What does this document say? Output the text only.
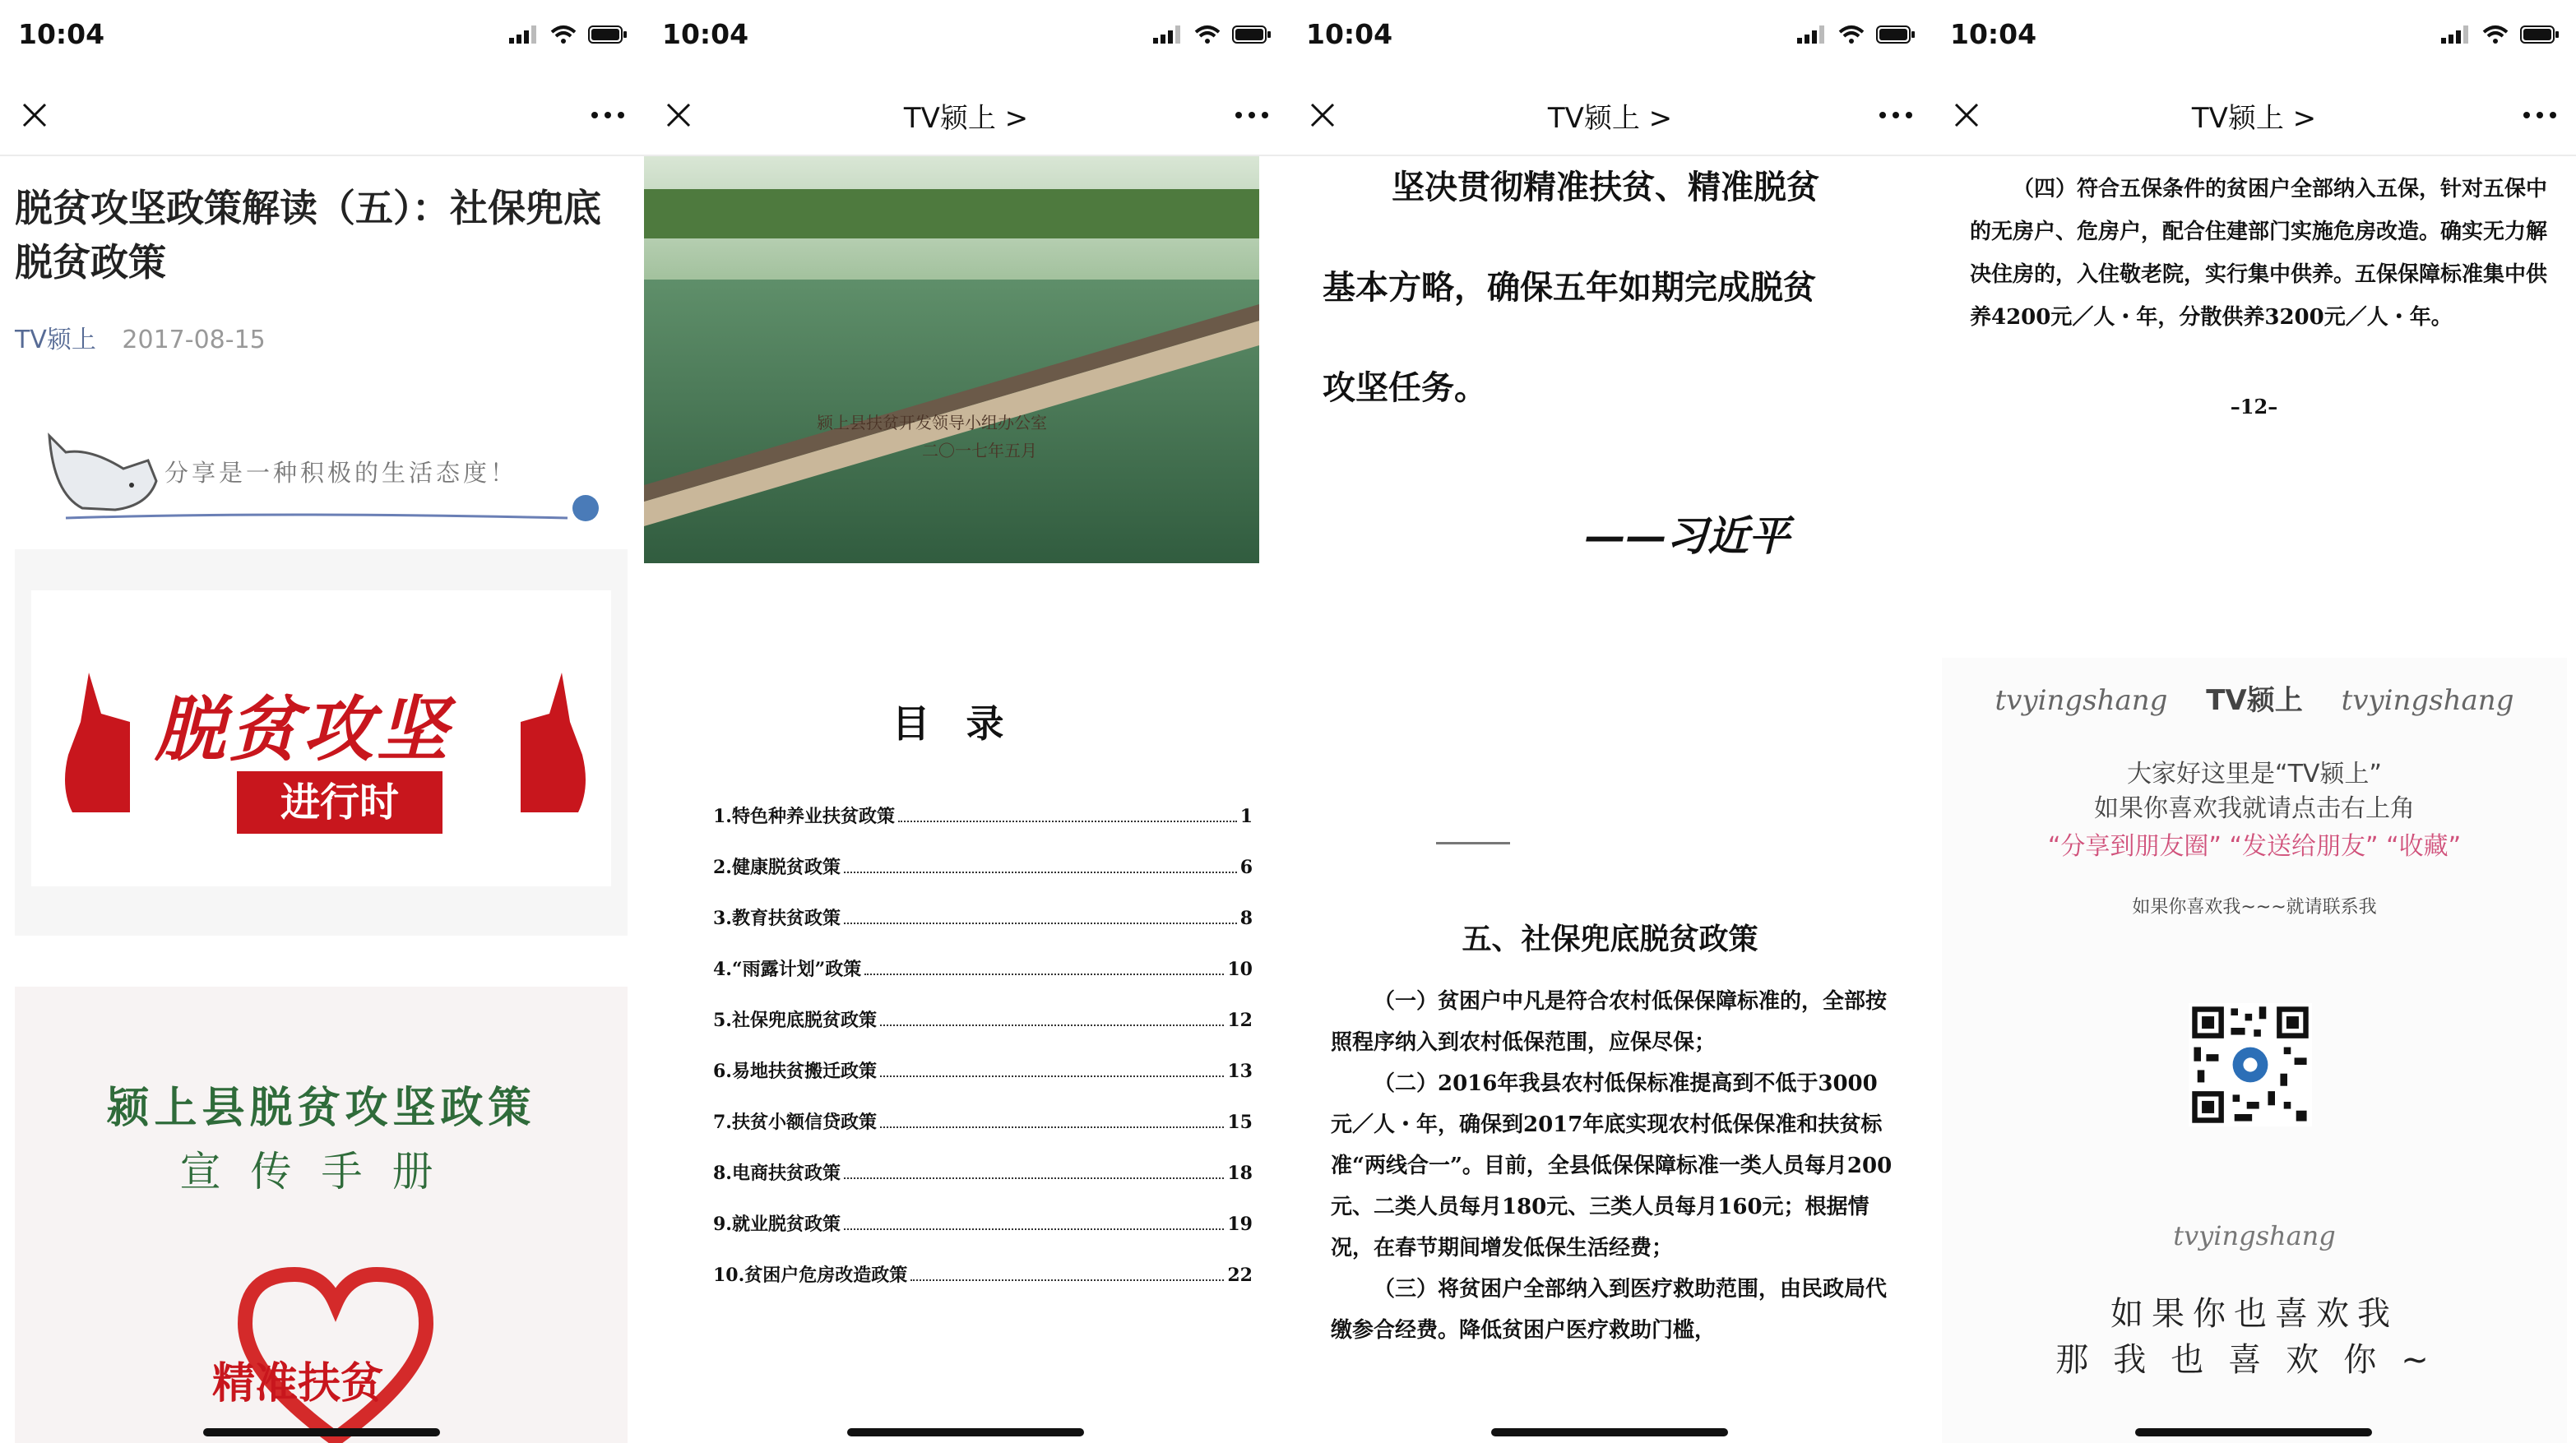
10:04
脱贫攻坚政策解读（五）：社保兜底脱贫政策
TV颍上 2017-08-15
分享是一种积极的生活态度！
脱贫攻坚
进行时
颍上县脱贫攻坚政策
宣传手册
精准扶贫
10:04
TV颍上 >
颍上县扶贫开发领导小组办公室
二〇一七年五月
目录
1.特色种养业扶贫政策	1
2.健康脱贫政策	6
3.教育扶贫政策	8
4.“雨露计划”政策	10
5.社保兜底脱贫政策	12
6.易地扶贫搬迁政策	13
7.扶贫小额信贷政策	15
8.电商扶贫政策	18
9.就业脱贫政策	19
10.贫困户危房改造政策	22
10:04
TV颍上 >
坚决贯彻精准扶贫、精准脱贫
基本方略，确保五年如期完成脱贫
攻坚任务。
——习近平
五、社保兜底脱贫政策

（一）贫困户中凡是符合农村低保保障标准的，全部按照程序纳入到农村低保范围，应保尽保；

（二）2016年我县农村低保标准提高到不低于3000元／人・年，确保到2017年底实现农村低保保准和扶贫标准“两线合一”。目前，全县低保保障标准一类人员每月200元、二类人员每月180元、三类人员每月160元；根据情况，在春节期间增发低保生活经费；

（三）将贫困户全部纳入到医疗救助范围，由民政局代缴参合经费。降低贫困户医疗救助门槛，

10:04
TV颍上 >
（四）符合五保条件的贫困户全部纳入五保，针对五保中的无房户、危房户，配合住建部门实施危房改造。确实无力解决住房的，入住敬老院，实行集中供养。五保保障标准集中供养4200元／人・年，分散供养3200元／人・年。
–12–
tvyingshang TV颍上 tvyingshang
大家好这里是“TV颍上”
如果你喜欢我就请点击右上角
“分享到朋友圈” “发送给朋友” “收藏”
如果你喜欢我~~~就请联系我
tvyingshang
如果你也喜欢我
那我也喜欢你~
